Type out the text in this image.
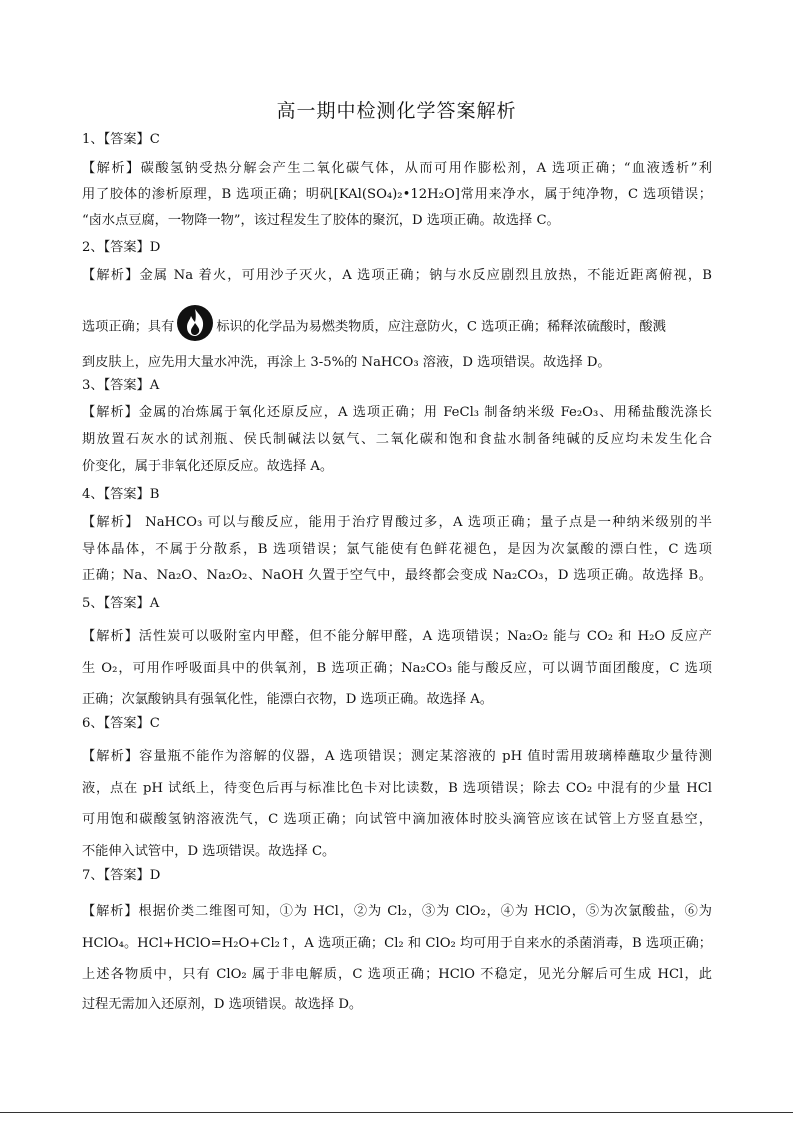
高一期中检测化学答案解析
1、【答案】C
【解析】碳酸氢钠受热分解会产生二氧化碳气体，从而可用作膨松剂，A 选项正确；“血液透析”利
用了胶体的渗析原理，B 选项正确；明矾[KAl(SO₄)₂•12H₂O]常用来净水，属于纯净物，C 选项错误；
“卤水点豆腐，一物降一物”，该过程发生了胶体的聚沉，D 选项正确。故选择 C。
2、【答案】D
【解析】金属 Na 着火，可用沙子灭火，A 选项正确；钠与水反应剧烈且放热，不能近距离俯视，B
选项正确；具有	标识的化学品为易燃类物质，应注意防火，C 选项正确；稀释浓硫酸时，酸溅
到皮肤上，应先用大量水冲洗，再涂上 3-5%的 NaHCO₃ 溶液，D 选项错误。故选择 D。
3、【答案】A
【解析】金属的冶炼属于氧化还原反应，A 选项正确；用 FeCl₃ 制备纳米级 Fe₂O₃、用稀盐酸洗涤长
期放置石灰水的试剂瓶、侯氏制碱法以氨气、二氧化碳和饱和食盐水制备纯碱的反应均未发生化合
价变化，属于非氧化还原反应。故选择 A。
4、【答案】B
【解析】 NaHCO₃ 可以与酸反应，能用于治疗胃酸过多，A 选项正确；量子点是一种纳米级别的半
导体晶体，不属于分散系，B 选项错误；氯气能使有色鲜花褪色，是因为次氯酸的漂白性，C 选项
正确；Na、Na₂O、Na₂O₂、NaOH 久置于空气中，最终都会变成 Na₂CO₃，D 选项正确。故选择 B。
5、【答案】A
【解析】活性炭可以吸附室内甲醛，但不能分解甲醛，A 选项错误；Na₂O₂ 能与 CO₂ 和 H₂O 反应产
生 O₂，可用作呼吸面具中的供氧剂，B 选项正确；Na₂CO₃ 能与酸反应，可以调节面团酸度，C 选项
正确；次氯酸钠具有强氧化性，能漂白衣物，D 选项正确。故选择 A。
6、【答案】C
【解析】容量瓶不能作为溶解的仪器，A 选项错误；测定某溶液的 pH 值时需用玻璃棒蘸取少量待测
液，点在 pH 试纸上，待变色后再与标准比色卡对比读数，B 选项错误；除去 CO₂ 中混有的少量 HCl
可用饱和碳酸氢钠溶液洗气，C 选项正确；向试管中滴加液体时胶头滴管应该在试管上方竖直悬空，
不能伸入试管中，D 选项错误。故选择 C。
7、【答案】D
【解析】根据价类二维图可知，①为 HCl，②为 Cl₂，③为 ClO₂，④为 HClO，⑤为次氯酸盐，⑥为
HClO₄。HCl+HClO=H₂O+Cl₂↑，A 选项正确；Cl₂ 和 ClO₂ 均可用于自来水的杀菌消毒，B 选项正确；
上述各物质中，只有 ClO₂ 属于非电解质，C 选项正确；HClO 不稳定，见光分解后可生成 HCl，此
过程无需加入还原剂，D 选项错误。故选择 D。
